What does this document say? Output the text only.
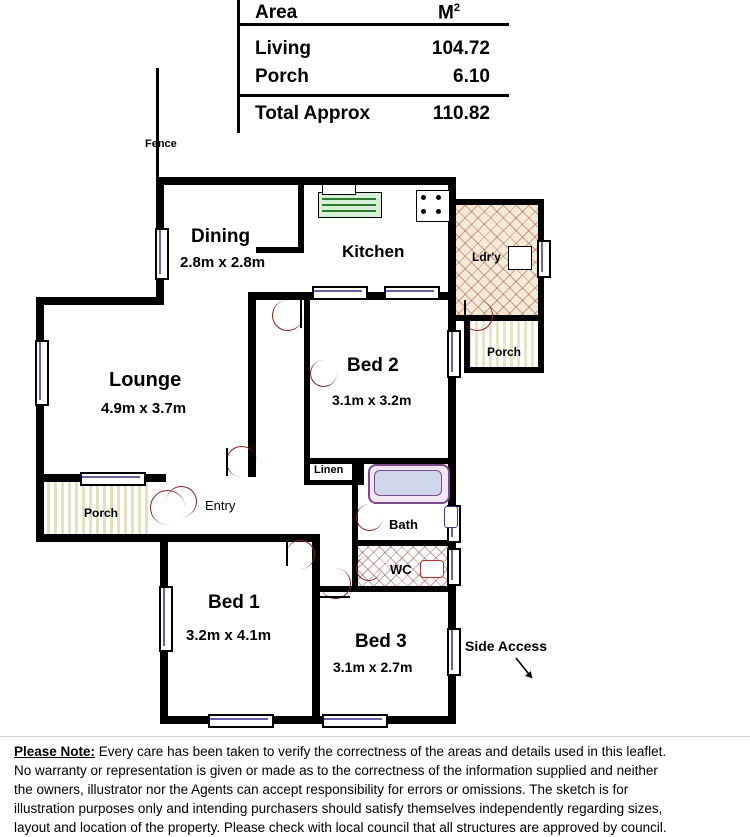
Area	$M^2$
Living	104.72
Porch	6.10
Total Approx	110.82
Fence
Dining
2.8m x 2.8m
Kitchen	Ldr'y
Porch
Lounge
4.9m x 3.7m
Bed 2
3.1m x 3.2m
Linen
Bath
WC
Porch
Bed 1
3.2m x 4.1m	Bed 3
3.1m x 2.7m
Entry
Side Access
Please Note: Every care has been taken to verify the correctness of the areas and details used in this leaflet.
No warranty or representation is given or made as to the correctness of the information supplied and neither
the owners, illustrator nor the Agents can accept responsibility for errors or omissions. The sketch is for
illustration purposes only and intending purchasers should satisfy themselves independently regarding sizes,
layout and location of the property. Please check with local council that all structures are approved by council.
